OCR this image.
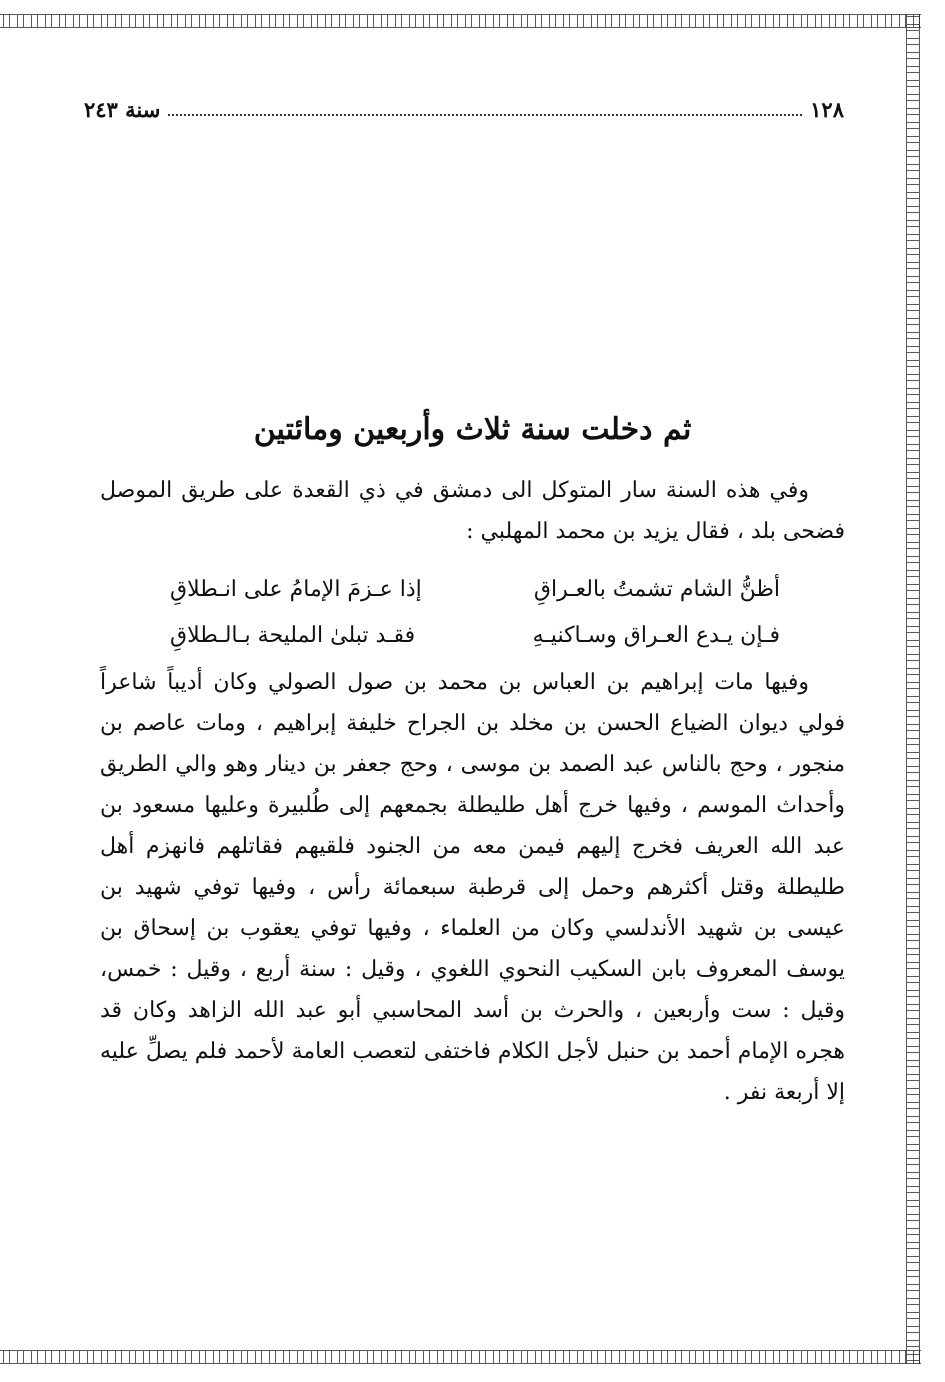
١٢٨
سنة ٢٤٣
ثم دخلت سنة ثلاث وأربعين ومائتين

وفي هذه السنة سار المتوكل الى دمشق في ذي القعدة على طريق الموصل فضحى بلد ، فقال يزيد بن محمد المهلبي :

أظنُّ الشام تشمتُ بالعـراقِ
إذا عـزمَ الإمامُ على انـطلاقِ
فـإن يـدع العـراق وسـاكنيـهِ
فقـد تبلىٰ المليحة بـالـطلاقِ

وفيها مات إبراهيم بن العباس بن محمد بن صول الصولي وكان أديباً شاعراً فولي ديوان الضياع الحسن بن مخلد بن الجراح خليفة إبراهيم ، ومات عاصم بن منجور ، وحج بالناس عبد الصمد بن موسى ، وحج جعفر بن دينار وهو والي الطريق وأحداث الموسم ، وفيها خرج أهل طليطلة بجمعهم إلى طُلبيرة وعليها مسعود بن عبد الله العريف فخرج إليهم فيمن معه من الجنود فلقيهم فقاتلهم فانهزم أهل طليطلة وقتل أكثرهم وحمل إلى قرطبة سبعمائة رأس ، وفيها توفي شهيد بن عيسى بن شهيد الأندلسي وكان من العلماء ، وفيها توفي يعقوب بن إسحاق بن يوسف المعروف بابن السكيب النحوي اللغوي ، وقيل : سنة أربع ، وقيل : خمس، وقيل : ست وأربعين ، والحرث بن أسد المحاسبي أبو عبد الله الزاهد وكان قد هجره الإمام أحمد بن حنبل لأجل الكلام فاختفى لتعصب العامة لأحمد فلم يصلِّ عليه إلا أربعة نفر .
